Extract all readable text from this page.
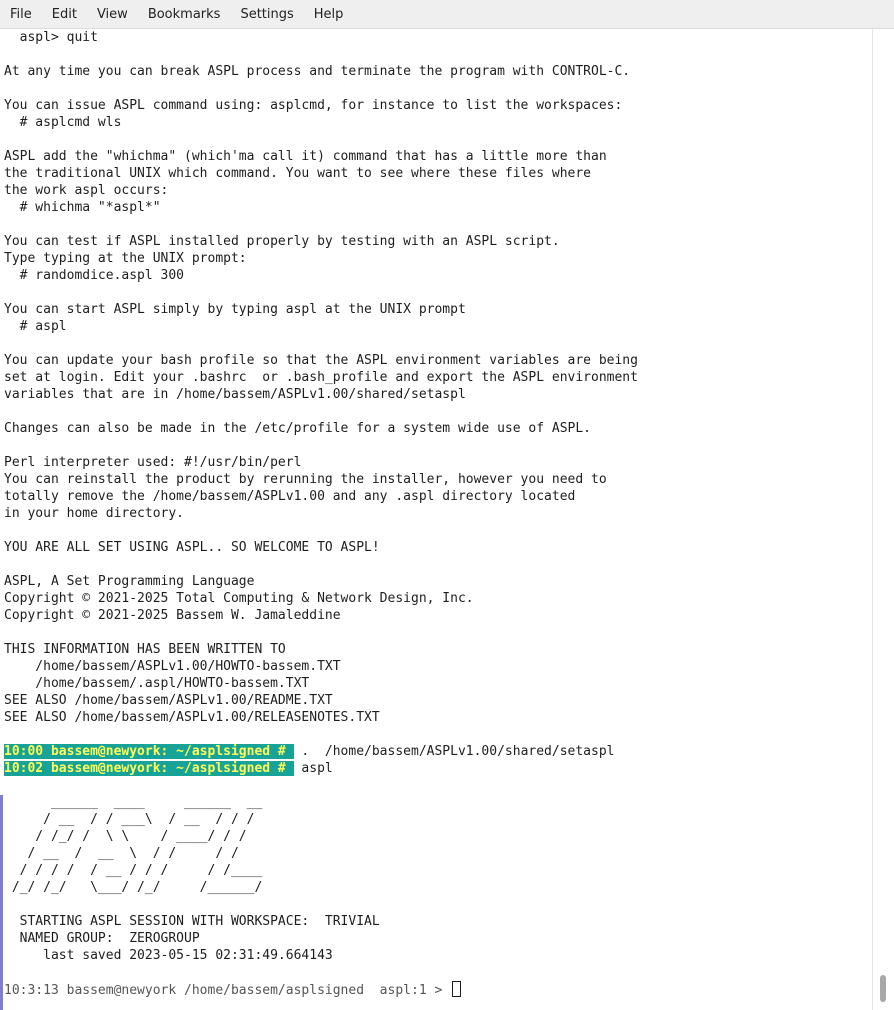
File	Edit	View	Bookmarks	Settings	Help
aspl> quit
At any time you can break ASPL process and terminate the program with CONTROL-C.
You can issue ASPL command using: asplcmd, for instance to list the workspaces:
# asplcmd wls
ASPL add the "whichma" (which'ma call it) command that has a little more than
the traditional UNIX which command. You want to see where these files where
the work aspl occurs:
# whichma "*aspl*"
You can test if ASPL installed properly by testing with an ASPL script.
Type typing at the UNIX prompt:
# randomdice.aspl 300
You can start ASPL simply by typing aspl at the UNIX prompt
# aspl
You can update your bash profile so that the ASPL environment variables are being
set at login. Edit your .bashrc  or .bash_profile and export the ASPL environment
variables that are in /home/bassem/ASPLv1.00/shared/setaspl
Changes can also be made in the /etc/profile for a system wide use of ASPL.
Perl interpreter used: #!/usr/bin/perl
You can reinstall the product by rerunning the installer, however you need to
totally remove the /home/bassem/ASPLv1.00 and any .aspl directory located
in your home directory.
YOU ARE ALL SET USING ASPL.. SO WELCOME TO ASPL!
ASPL, A Set Programming Language
Copyright © 2021-2025 Total Computing & Network Design, Inc.
Copyright © 2021-2025 Bassem W. Jamaleddine
THIS INFORMATION HAS BEEN WRITTEN TO
/home/bassem/ASPLv1.00/HOWTO-bassem.TXT
/home/bassem/.aspl/HOWTO-bassem.TXT
SEE ALSO /home/bassem/ASPLv1.00/README.TXT
SEE ALSO /home/bassem/ASPLv1.00/RELEASENOTES.TXT
10:00 bassem@newyork: ~/asplsigned #  .  /home/bassem/ASPLv1.00/shared/setaspl
10:02 bassem@newyork: ~/asplsigned #  aspl
______  ____     ______  __
/ __  / / ___\  / __  / / /
/ /_/ /  \ \    / ____/ / /
/ __  /  __  \  / /     / /
/ / / /  / __ / / /     / /____
/_/ /_/   \___/ /_/     /______/
STARTING ASPL SESSION WITH WORKSPACE:  TRIVIAL
NAMED GROUP:  ZEROGROUP
last saved 2023-05-15 02:31:49.664143
10:3:13 bassem@newyork /home/bassem/asplsigned  aspl:1 >
